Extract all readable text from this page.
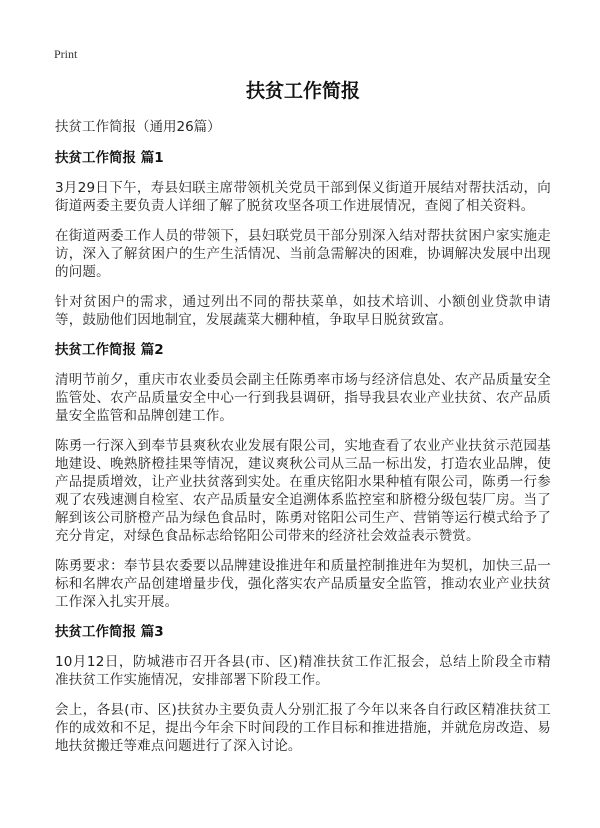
Print
扶贫工作简报
扶贫工作简报（通用26篇）
扶贫工作简报 篇1

3月29日下午，寿县妇联主席带领机关党员干部到保义街道开展结对帮扶活动，向街道两委主要负责人详细了解了脱贫攻坚各项工作进展情况，查阅了相关资料。

在街道两委工作人员的带领下，县妇联党员干部分别深入结对帮扶贫困户家实施走访，深入了解贫困户的生产生活情况、当前急需解决的困难，协调解决发展中出现的问题。

针对贫困户的需求，通过列出不同的帮扶菜单，如技术培训、小额创业贷款申请等，鼓励他们因地制宜，发展蔬菜大棚种植，争取早日脱贫致富。

扶贫工作简报 篇2

清明节前夕，重庆市农业委员会副主任陈勇率市场与经济信息处、农产品质量安全监管处、农产品质量安全中心一行到我县调研，指导我县农业产业扶贫、农产品质量安全监管和品牌创建工作。

陈勇一行深入到奉节县爽秋农业发展有限公司，实地查看了农业产业扶贫示范园基地建设、晚熟脐橙挂果等情况，建议爽秋公司从三品一标出发，打造农业品牌，使产品提质增效，让产业扶贫落到实处。在重庆铭阳水果种植有限公司，陈勇一行参观了农残速测自检室、农产品质量安全追溯体系监控室和脐橙分级包装厂房。当了解到该公司脐橙产品为绿色食品时，陈勇对铭阳公司生产、营销等运行模式给予了充分肯定，对绿色食品标志给铭阳公司带来的经济社会效益表示赞赏。

陈勇要求：奉节县农委要以品牌建设推进年和质量控制推进年为契机，加快三品一标和名牌农产品创建增量步伐，强化落实农产品质量安全监管，推动农业产业扶贫工作深入扎实开展。

扶贫工作简报 篇3

10月12日，防城港市召开各县(市、区)精准扶贫工作汇报会，总结上阶段全市精准扶贫工作实施情况，安排部署下阶段工作。

会上，各县(市、区)扶贫办主要负责人分别汇报了今年以来各自行政区精准扶贫工作的成效和不足，提出今年余下时间段的工作目标和推进措施，并就危房改造、易地扶贫搬迁等难点问题进行了深入讨论。
